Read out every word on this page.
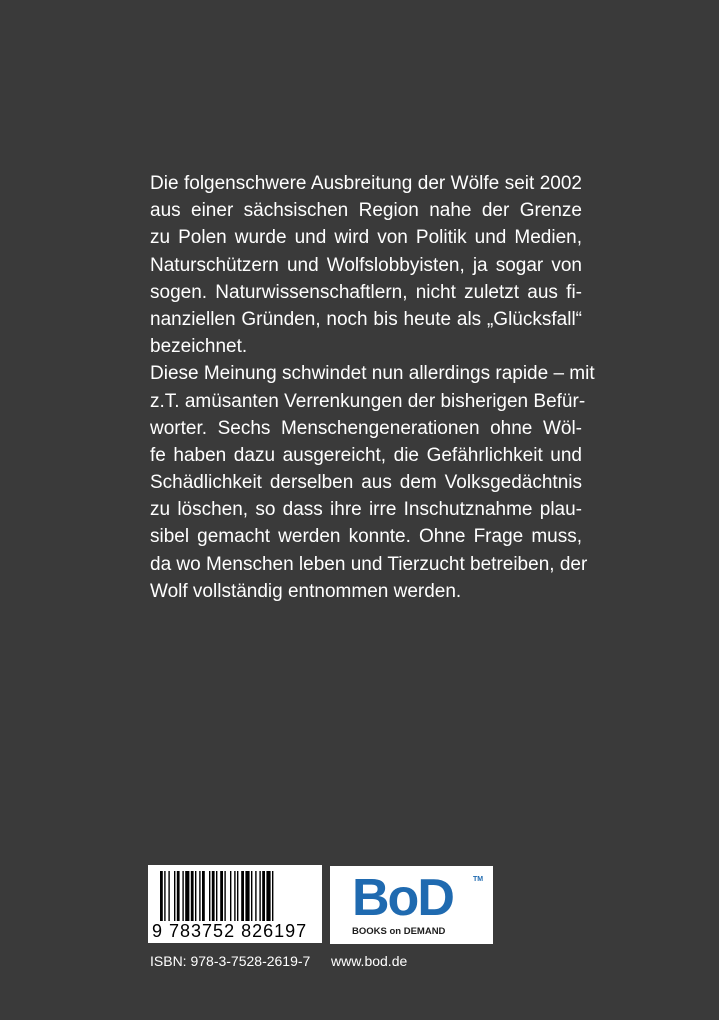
Die folgenschwere Ausbreitung der Wölfe seit 2002
aus einer sächsischen Region nahe der Grenze
zu Polen wurde und wird von Politik und Medien,
Naturschützern und Wolfslobbyisten, ja sogar von
sogen. Naturwissenschaftlern, nicht zuletzt aus fi-
nanziellen Gründen, noch bis heute als „Glücksfall“
bezeichnet.
Diese Meinung schwindet nun allerdings rapide – mit
z.T. amüsanten Verrenkungen der bisherigen Befür-
worter. Sechs Menschengenerationen ohne Wöl-
fe haben dazu ausgereicht, die Gefährlichkeit und
Schädlichkeit derselben aus dem Volksgedächtnis
zu löschen, so dass ihre irre Inschutznahme plau-
sibel gemacht werden konnte. Ohne Frage muss,
da wo Menschen leben und Tierzucht betreiben, der
Wolf vollständig entnommen werden.
9 783752 826197
BoD	TM
BOOKS on DEMAND
ISBN: 978-3-7528-2619-7 www.bod.de
